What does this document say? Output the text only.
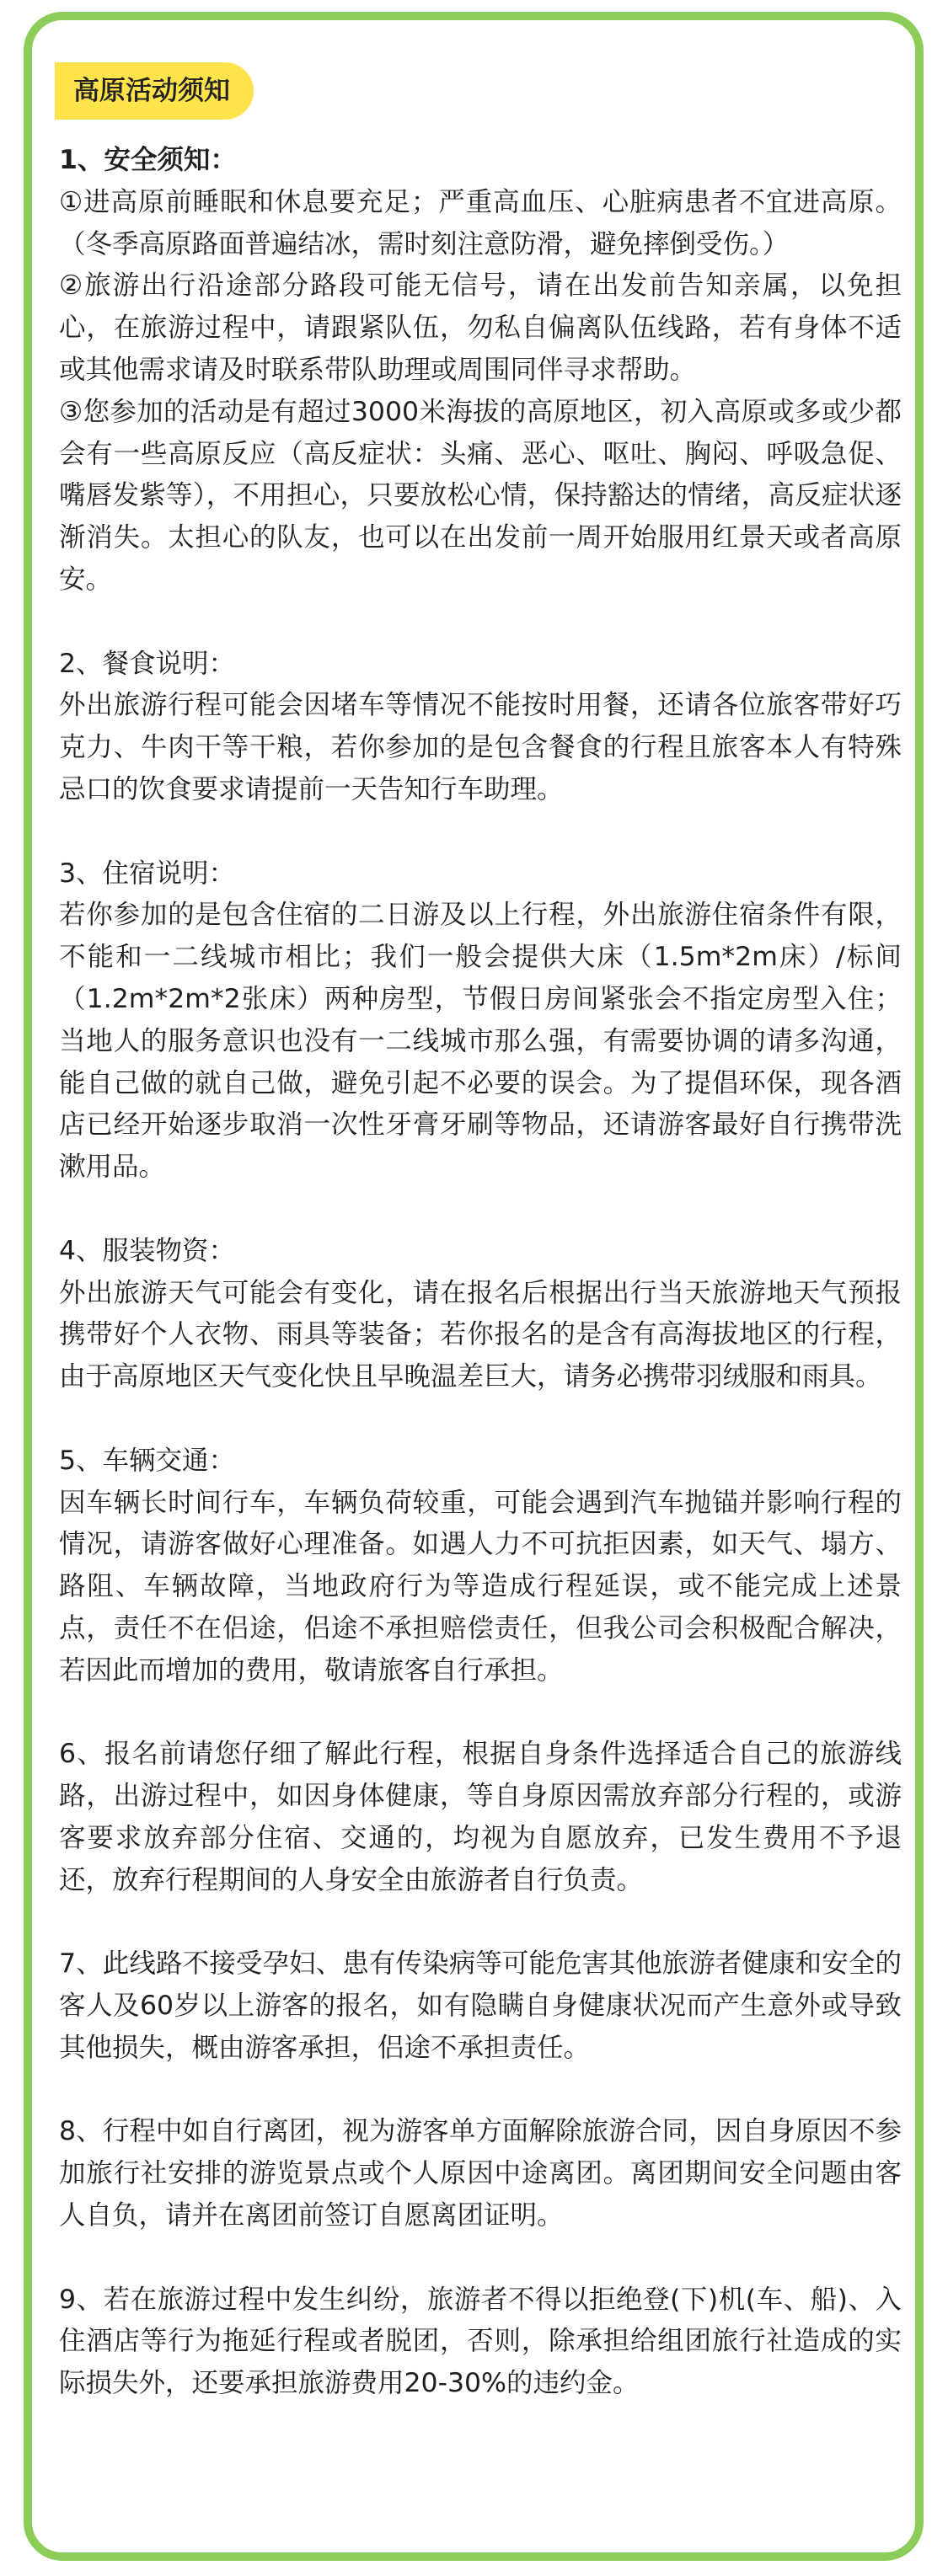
高原活动须知

1、安全须知：

①进高原前睡眠和休息要充足；严重高血压、心脏病患者不宜进高原。（冬季高原路面普遍结冰，需时刻注意防滑，避免摔倒受伤。）

②旅游出行沿途部分路段可能无信号，请在出发前告知亲属，以免担心，在旅游过程中，请跟紧队伍，勿私自偏离队伍线路，若有身体不适或其他需求请及时联系带队助理或周围同伴寻求帮助。

③您参加的活动是有超过3000米海拔的高原地区，初入高原或多或少都会有一些高原反应（高反症状：头痛、恶心、呕吐、胸闷、呼吸急促、嘴唇发紫等），不用担心，只要放松心情，保持豁达的情绪，高反症状逐渐消失。太担心的队友，也可以在出发前一周开始服用红景天或者高原安。

2、餐食说明：

外出旅游行程可能会因堵车等情况不能按时用餐，还请各位旅客带好巧克力、牛肉干等干粮，若你参加的是包含餐食的行程且旅客本人有特殊忌口的饮食要求请提前一天告知行车助理。

3、住宿说明：

若你参加的是包含住宿的二日游及以上行程，外出旅游住宿条件有限，不能和一二线城市相比；我们一般会提供大床（1.5m*2m床）/标间（1.2m*2m*2张床）两种房型，节假日房间紧张会不指定房型入住；当地人的服务意识也没有一二线城市那么强，有需要协调的请多沟通，能自己做的就自己做，避免引起不必要的误会。为了提倡环保，现各酒店已经开始逐步取消一次性牙膏牙刷等物品，还请游客最好自行携带洗漱用品。

4、服装物资：

外出旅游天气可能会有变化，请在报名后根据出行当天旅游地天气预报携带好个人衣物、雨具等装备；若你报名的是含有高海拔地区的行程，由于高原地区天气变化快且早晚温差巨大，请务必携带羽绒服和雨具。

5、车辆交通：

因车辆长时间行车，车辆负荷较重，可能会遇到汽车抛锚并影响行程的情况，请游客做好心理准备。如遇人力不可抗拒因素，如天气、塌方、路阻、车辆故障，当地政府行为等造成行程延误，或不能完成上述景点，责任不在侣途，侣途不承担赔偿责任，但我公司会积极配合解决，若因此而增加的费用，敬请旅客自行承担。

6、报名前请您仔细了解此行程，根据自身条件选择适合自己的旅游线路，出游过程中，如因身体健康，等自身原因需放弃部分行程的，或游客要求放弃部分住宿、交通的，均视为自愿放弃，已发生费用不予退还，放弃行程期间的人身安全由旅游者自行负责。

7、此线路不接受孕妇、患有传染病等可能危害其他旅游者健康和安全的客人及60岁以上游客的报名，如有隐瞒自身健康状况而产生意外或导致其他损失，概由游客承担，侣途不承担责任。

8、行程中如自行离团，视为游客单方面解除旅游合同，因自身原因不参加旅行社安排的游览景点或个人原因中途离团。离团期间安全问题由客人自负，请并在离团前签订自愿离团证明。

9、若在旅游过程中发生纠纷，旅游者不得以拒绝登(下)机(车、船)、入住酒店等行为拖延行程或者脱团，否则，除承担给组团旅行社造成的实际损失外，还要承担旅游费用20-30%的违约金。
